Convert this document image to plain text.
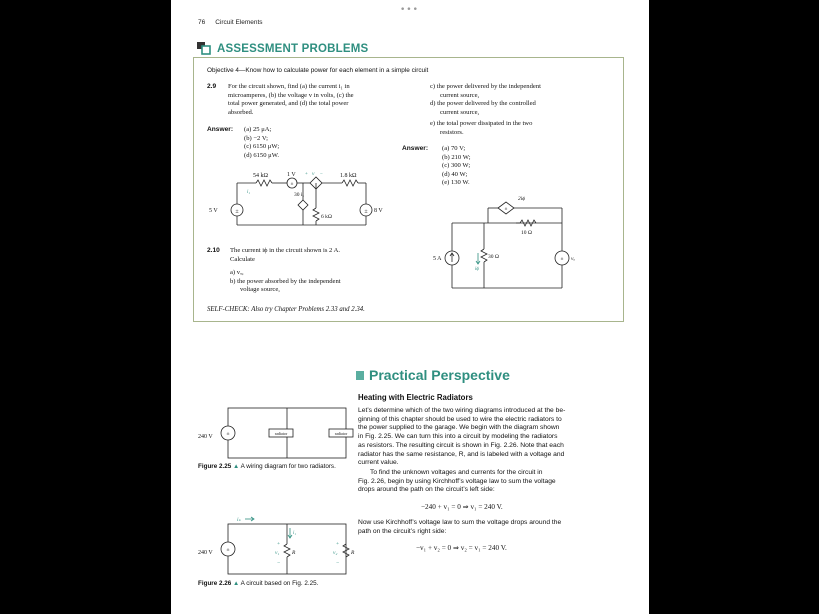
•••
76 Circuit Elements
ASSESSMENT PROBLEMS
Objective 4—Know how to calculate power for each element in a simple circuit
2.9 For the circuit shown, find (a) the current i₁ in
microamperes, (b) the voltage v in volts, (c) the
total power generated, and (d) the total power
absorbed.
Answer: (a) 25 μA;
(b) −2 V;
(c) 6150 μW;
(d) 6150 μW.
±	±
±
5 V	8 V
54 kΩ	1 V + v −	1.8 kΩ
30 i₁
6 kΩ
i₁
c) the power delivered by the independent
current source,
d) the power delivered by the controlled
current source,
e) the total power dissipated in the two
resistors.
Answer: (a) 70 V;
(b) 210 W;
(c) 300 W;
(d) 40 W;
(e) 130 W.
2.10 The current iϕ in the circuit shown is 2 A.
Calculate
a) vₓ,
b) the power absorbed by the independent
voltage source,
SELF-CHECK: Also try Chapter Problems 2.33 and 2.34.
±
±
2iϕ
10 Ω
5 A	30 Ω
iϕ
vₓ
Practical Perspective
Heating with Electric Radiators
Let’s determine which of the two wiring diagrams introduced at the be-
ginning of this chapter should be used to wire the electric radiators to
the power supplied to the garage. We begin with the diagram shown
in Fig. 2.25. We can turn this into a circuit by modeling the radiators
as resistors. The resulting circuit is shown in Fig. 2.26. Note that each
radiator has the same resistance, R, and is labeled with a voltage and
current value.
To find the unknown voltages and currents for the circuit in
Fig. 2.26, begin by using Kirchhoff’s voltage law to sum the voltage
drops around the path on the circuit’s left side:
−240 + v₁ = 0 ⇒ v₁ = 240 V.
Now use Kirchhoff’s voltage law to sum the voltage drops around the
path on the circuit’s right side:
−v₁ + v₂ = 0 ⇒ v₂ = v₁ = 240 V.
±
240 V
radiator	radiator
Figure 2.25 ▲ A wiring diagram for two radiators.
±
240 V
iₛ
i₁
+
v₁
−
R
+
v₂
−
R
Figure 2.26 ▲ A circuit based on Fig. 2.25.
